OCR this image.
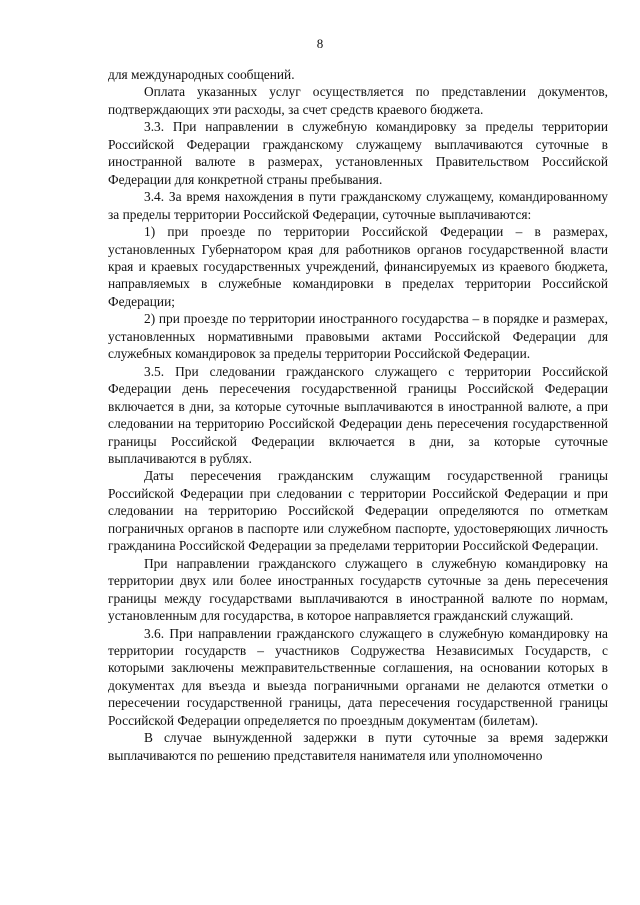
8

для международных сообщений.

Оплата указанных услуг осуществляется по представлении документов, подтверждающих эти расходы, за счет средств краевого бюджета.

3.3. При направлении в служебную командировку за пределы территории Российской Федерации гражданскому служащему выплачиваются суточные в иностранной валюте в размерах, установленных Правительством Российской Федерации для конкретной страны пребывания.

3.4. За время нахождения в пути гражданскому служащему, командированному за пределы территории Российской Федерации, суточные выплачиваются:

1) при проезде по территории Российской Федерации – в размерах, установленных Губернатором края для работников органов государственной власти края и краевых государственных учреждений, финансируемых из краевого бюджета, направляемых в служебные командировки в пределах территории Российской Федерации;

2) при проезде по территории иностранного государства – в порядке и размерах, установленных нормативными правовыми актами Российской Федерации для служебных командировок за пределы территории Российской Федерации.

3.5. При следовании гражданского служащего с территории Российской Федерации день пересечения государственной границы Российской Федерации включается в дни, за которые суточные выплачиваются в иностранной валюте, а при следовании на территорию Российской Федерации день пересечения государственной границы Российской Федерации включается в дни, за которые суточные выплачиваются в рублях.

Даты пересечения гражданским служащим государственной границы Российской Федерации при следовании с территории Российской Федерации и при следовании на территорию Российской Федерации определяются по отметкам пограничных органов в паспорте или служебном паспорте, удостоверяющих личность гражданина Российской Федерации за пределами территории Российской Федерации.

При направлении гражданского служащего в служебную командировку на территории двух или более иностранных государств суточные за день пересечения границы между государствами выплачиваются в иностранной валюте по нормам, установленным для государства, в которое направляется гражданский служащий.

3.6. При направлении гражданского служащего в служебную командировку на территории государств – участников Содружества Независимых Государств, с которыми заключены межправительственные соглашения, на основании которых в документах для въезда и выезда пограничными органами не делаются отметки о пересечении государственной границы, дата пересечения государственной границы Российской Федерации определяется по проездным документам (билетам).

В случае вынужденной задержки в пути суточные за время задержки выплачиваются по решению представителя нанимателя или уполномоченно
